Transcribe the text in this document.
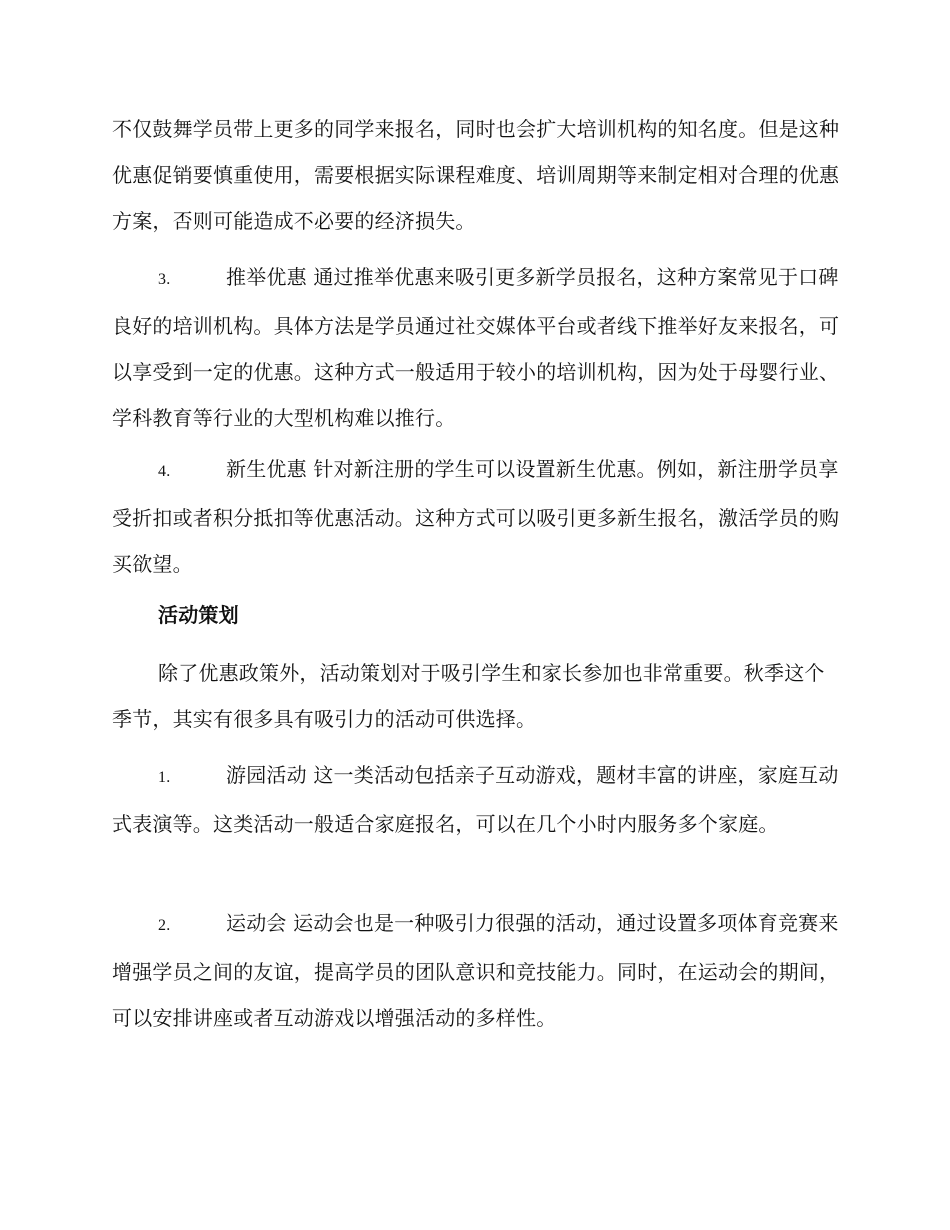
不仅鼓舞学员带上更多的同学来报名，同时也会扩大培训机构的知名度。但是这种优惠促销要慎重使用，需要根据实际课程难度、培训周期等来制定相对合理的优惠方案，否则可能造成不必要的经济损失。

3.	推举优惠 通过推举优惠来吸引更多新学员报名，这种方案常见于口碑良好的培训机构。具体方法是学员通过社交媒体平台或者线下推举好友来报名，可以享受到一定的优惠。这种方式一般适用于较小的培训机构，因为处于母婴行业、学科教育等行业的大型机构难以推行。

4.	新生优惠 针对新注册的学生可以设置新生优惠。例如，新注册学员享受折扣或者积分抵扣等优惠活动。这种方式可以吸引更多新生报名，激活学员的购买欲望。

活动策划

除了优惠政策外，活动策划对于吸引学生和家长参加也非常重要。秋季这个季节，其实有很多具有吸引力的活动可供选择。

1.	游园活动 这一类活动包括亲子互动游戏，题材丰富的讲座，家庭互动式表演等。这类活动一般适合家庭报名，可以在几个小时内服务多个家庭。

2.	运动会 运动会也是一种吸引力很强的活动，通过设置多项体育竞赛来增强学员之间的友谊，提高学员的团队意识和竞技能力。同时，在运动会的期间，可以安排讲座或者互动游戏以增强活动的多样性。
